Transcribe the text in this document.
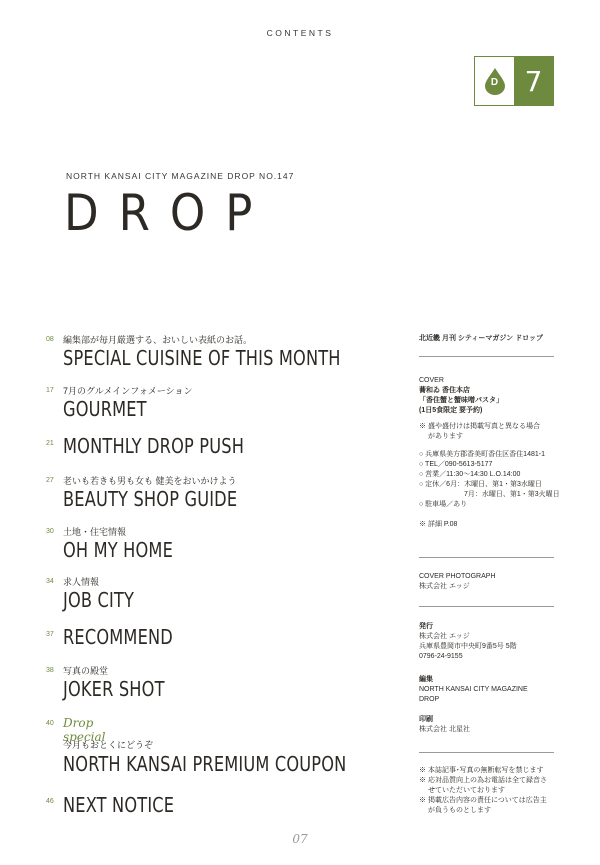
CONTENTS
D 7
NORTH KANSAI CITY MAGAZINE DROP NO.147
DROP
08 編集部が毎月厳選する、おいしい表紙のお話。
SPECIAL CUISINE OF THIS MONTH
17 7月のグルメインフォメーション
GOURMET
21 MONTHLY DROP PUSH
27 老いも若きも男も女も 健美をおいかけよう
BEAUTY SHOP GUIDE
30 土地・住宅情報
OH MY HOME
34 求人情報
JOB CITY
37 RECOMMEND
38 写真の殿堂
JOKER SHOT
40 Drop special
今月もおとくにどうぞ
NORTH KANSAI PREMIUM COUPON
46 NEXT NOTICE
北近畿 月刊 シティーマガジン ドロップ
COVER
蕎和ゐ 香住本店
「香住蟹と蟹味噌パスタ」
(1日5食限定 要予約)
※ 盛や盛付けは掲載写真と異なる場合
があります
○ 兵庫県美方郡香美町香住区香住1481-1
○ TEL／090-5613-5177
○ 営業／11:30〜14:30 L.O.14:00
○ 定休／6月：木曜日、第1・第3水曜日
7月：水曜日、第1・第3火曜日
○ 駐車場／あり
※ 詳細 P.08
COVER PHOTOGRAPH
株式会社 エッジ
発行
株式会社 エッジ
兵庫県豊岡市中央町9番5号 5階
0796-24-9155
編集
NORTH KANSAI CITY MAGAZINE
DROP
印刷
株式会社 北星社
※ 本誌記事･写真の無断転写を禁じます
※ 応対品質向上の為お電話は全て録音さ
せていただいております
※ 掲載広告内容の責任については広告主
が負うものとします
07
